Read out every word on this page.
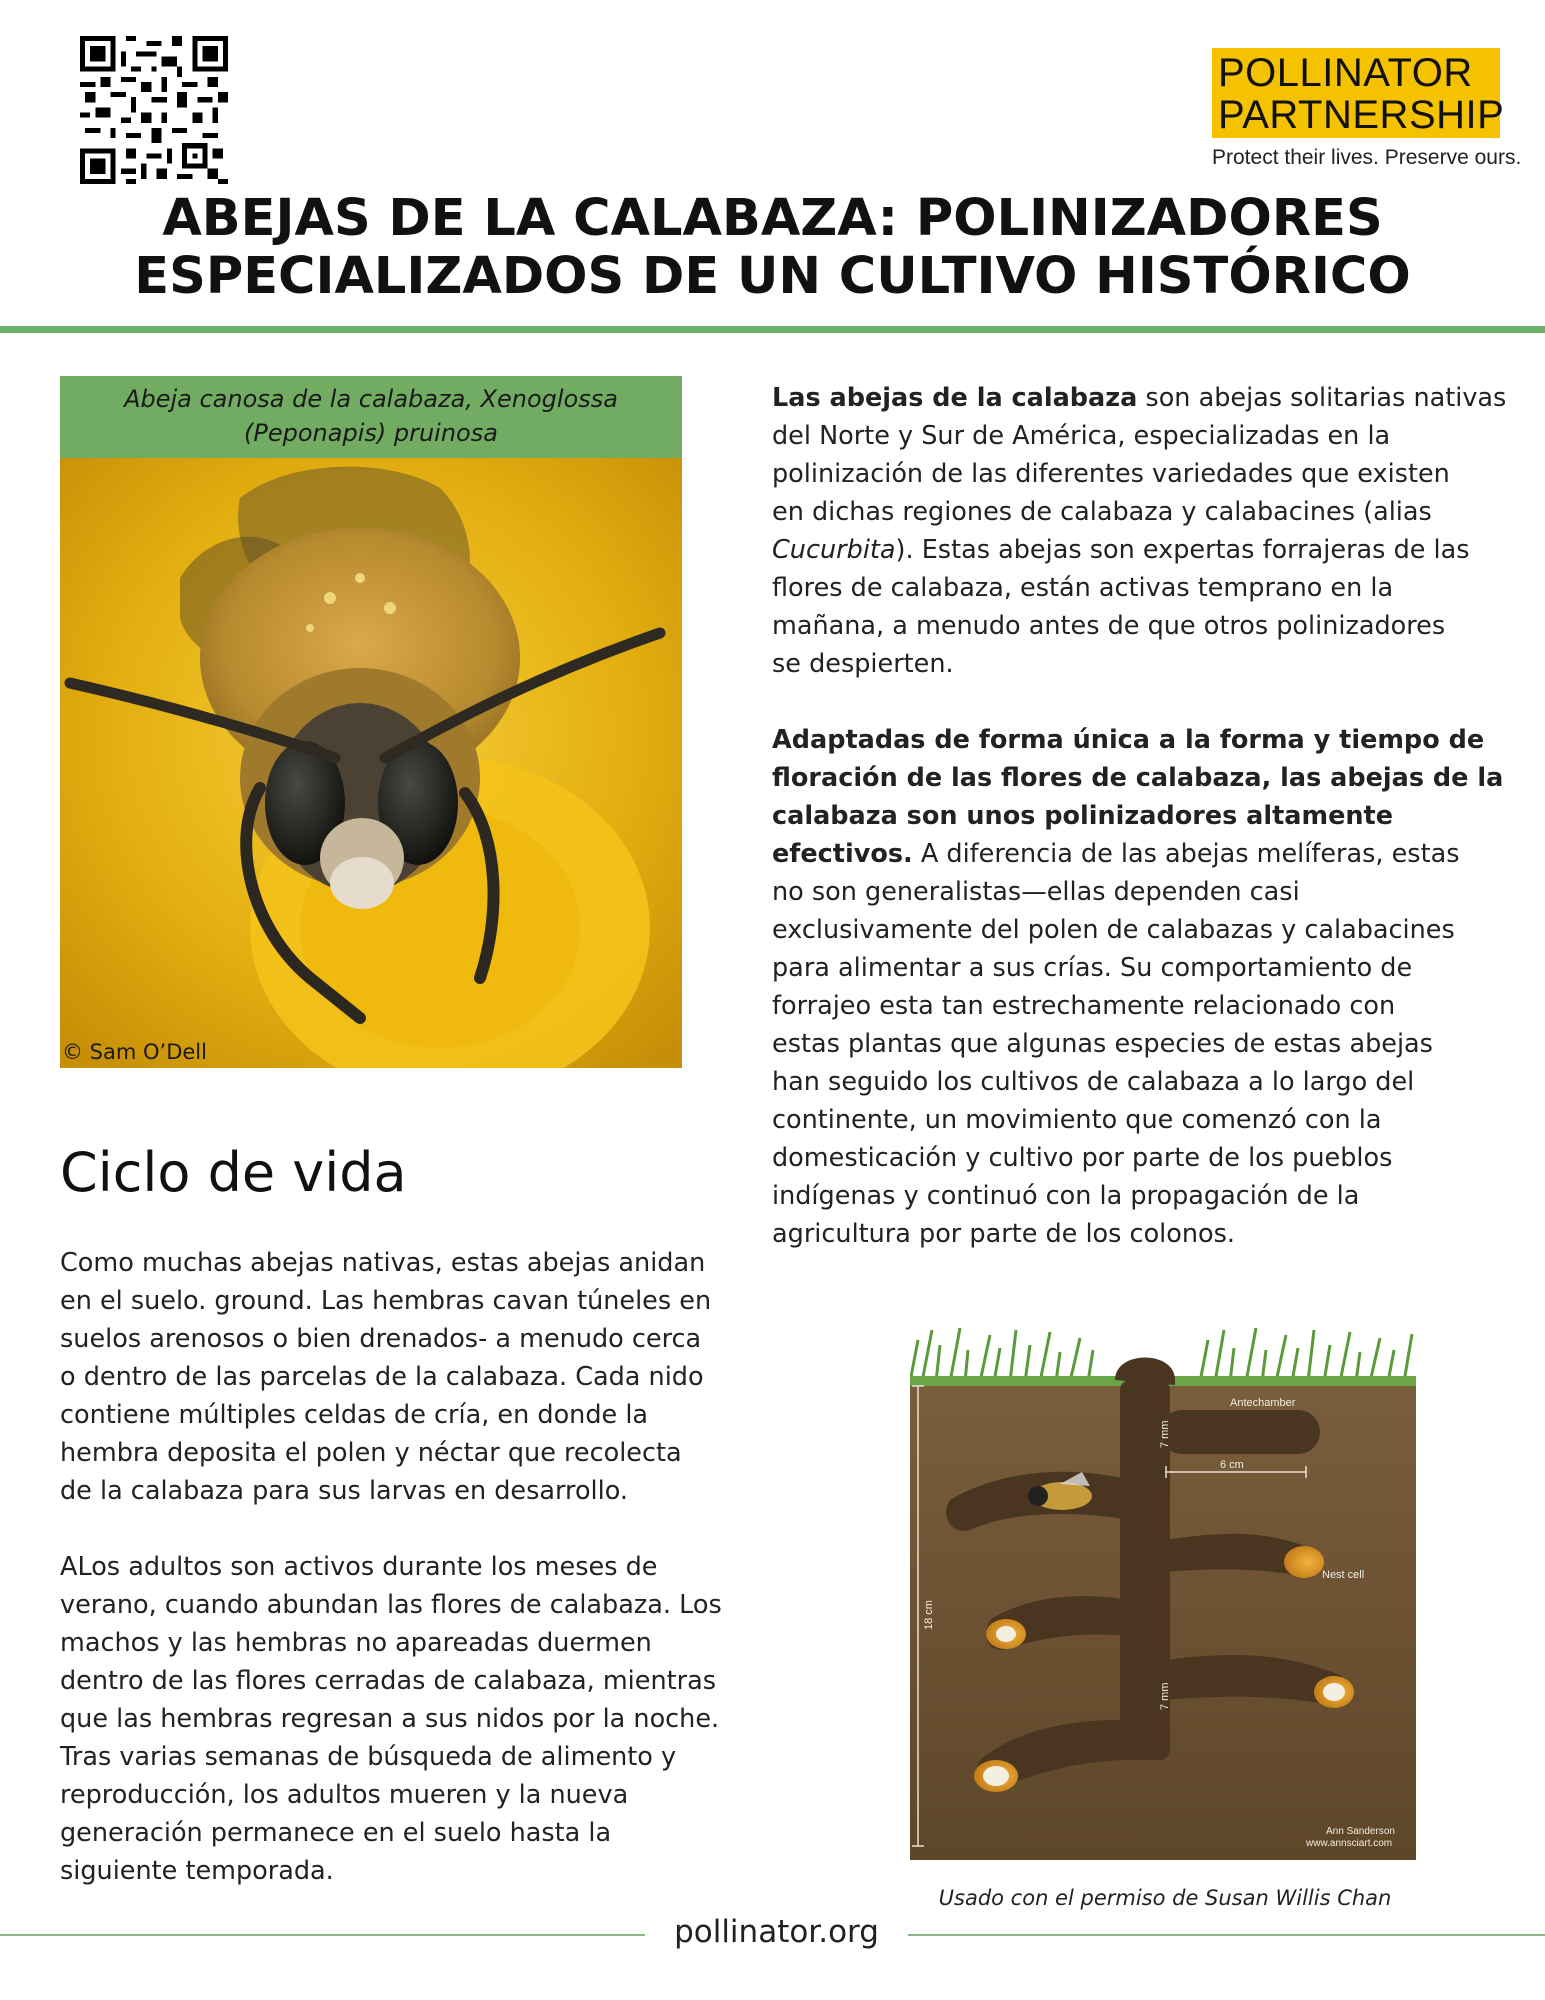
POLLINATOR
PARTNERSHIP
Protect their lives. Preserve ours.
ABEJAS DE LA CALABAZA: POLINIZADORES
ESPECIALIZADOS DE UN CULTIVO HISTÓRICO
Abeja canosa de la calabaza, Xenoglossa
(Peponapis) pruinosa
© Sam O’Dell

Las abejas de la calabaza son abejas solitarias nativas
del Norte y Sur de América, especializadas en la
polinización de las diferentes variedades que existen
en dichas regiones de calabaza y calabacines (alias
Cucurbita). Estas abejas son expertas forrajeras de las
flores de calabaza, están activas temprano en la
mañana, a menudo antes de que otros polinizadores
se despierten.

Adaptadas de forma única a la forma y tiempo de
floración de las flores de calabaza, las abejas de la
calabaza son unos polinizadores altamente
efectivos. A diferencia de las abejas melíferas, estas
no son generalistas—ellas dependen casi
exclusivamente del polen de calabazas y calabacines
para alimentar a sus crías. Su comportamiento de
forrajeo esta tan estrechamente relacionado con
estas plantas que algunas especies de estas abejas
han seguido los cultivos de calabaza a lo largo del
continente, un movimiento que comenzó con la
domesticación y cultivo por parte de los pueblos
indígenas y continuó con la propagación de la
agricultura por parte de los colonos.

Ciclo de vida

Como muchas abejas nativas, estas abejas anidan
en el suelo. ground. Las hembras cavan túneles en
suelos arenosos o bien drenados- a menudo cerca
o dentro de las parcelas de la calabaza. Cada nido
contiene múltiples celdas de cría, en donde la
hembra deposita el polen y néctar que recolecta
de la calabaza para sus larvas en desarrollo.

ALos adultos son activos durante los meses de
verano, cuando abundan las flores de calabaza. Los
machos y las hembras no apareadas duermen
dentro de las flores cerradas de calabaza, mientras
que las hembras regresan a sus nidos por la noche.
Tras varias semanas de búsqueda de alimento y
reproducción, los adultos mueren y la nueva
generación permanece en el suelo hasta la
siguiente temporada.

Antechamber
6 cm
Nest cell
7 mm
7 mm
18 cm
Ann Sanderson
www.annsciart.com
Usado con el permiso de Susan Willis Chan
pollinator.org
